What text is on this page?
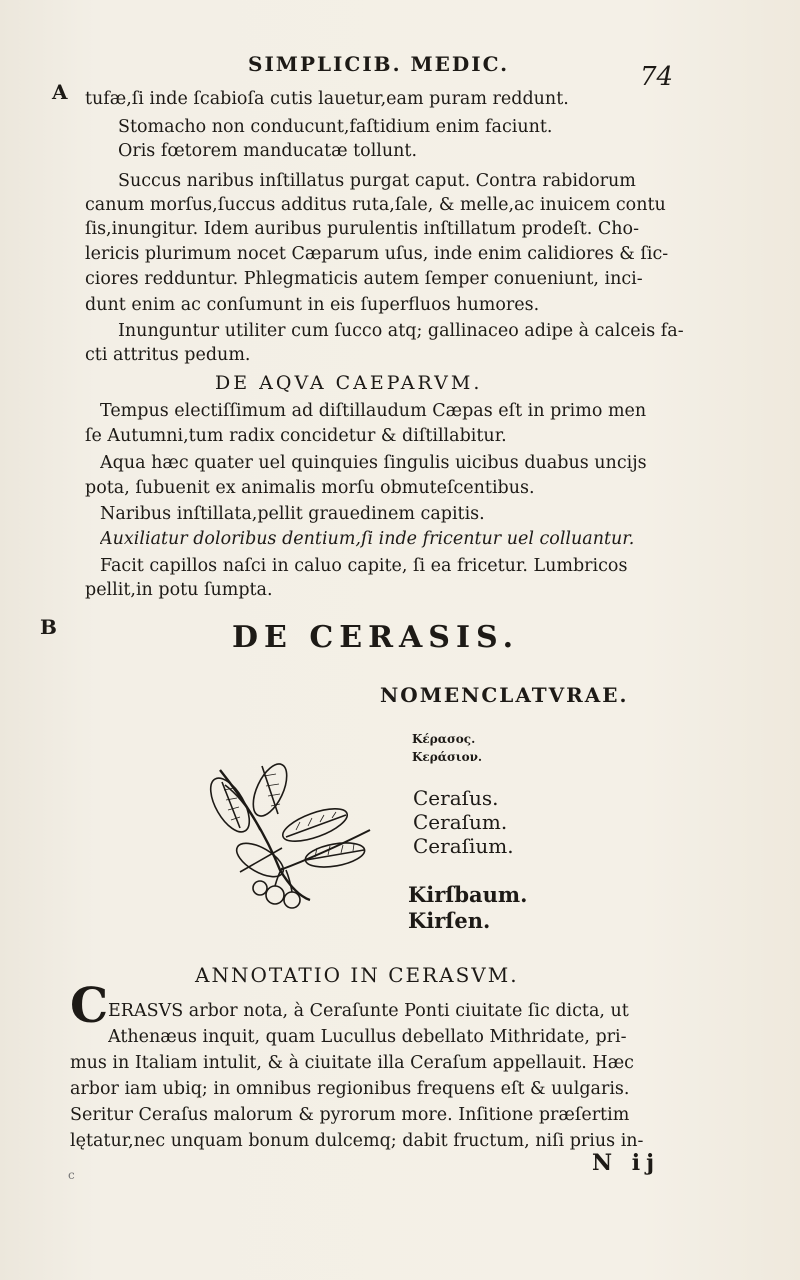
SIMPLICIB. MEDIC.	74
A
B
tufæ,ſi inde ſcabioſa cutis lauetur,eam puram reddunt.
Stomacho non conducunt,faſtidium enim faciunt.
Oris fœtorem manducatæ tollunt.
Succus naribus inſtillatus purgat caput. Contra rabidorum
canum morſus,ſuccus additus ruta,ſale, & melle,ac inuicem contu
ſis,inungitur. Idem auribus purulentis inſtillatum prodeſt. Cho-
lericis plurimum nocet Cæparum uſus, inde enim calidiores & ſic-
ciores redduntur. Phlegmaticis autem ſemper conueniunt, inci-
dunt enim ac conſumunt in eis ſuperfluos humores.
Inunguntur utiliter cum ſucco atq; gallinaceo adipe à calceis fa-
cti attritus pedum.
DE AQVA CAEPARVM.
Tempus electiſſimum ad diſtillaudum Cæpas eſt in primo men
ſe Autumni,tum radix concidetur & diſtillabitur.
Aqua hæc quater uel quinquies ſingulis uicibus duabus uncijs
pota, ſubuenit ex animalis morſu obmuteſcentibus.
Naribus inſtillata,pellit grauedinem capitis.
Auxiliatur doloribus dentium,ſi inde fricentur uel colluantur.
Facit capillos naſci in caluo capite, ſi ea fricetur. Lumbricos
pellit,in potu ſumpta.
DE CERASIS.
NOMENCLATVRAE.
Κέρασος.
Κεράσιον.
Ceraſus.
Ceraſum.
Ceraſium.
Kirſbaum.
Kirſen.
ANNOTATIO IN CERASVM.
C ERASVS arbor nota, à Ceraſunte Ponti ciuitate ſic dicta, ut
Athenæus inquit, quam Lucullus debellato Mithridate, pri-
mus in Italiam intulit, & à ciuitate illa Ceraſum appellauit. Hæc
arbor iam ubiq; in omnibus regionibus frequens eſt & uulgaris.
Seritur Ceraſus malorum & pyrorum more. Inſitione præſertim
lętatur,nec unquam bonum dulcemq; dabit fructum, niſi prius in-
c	N ij
